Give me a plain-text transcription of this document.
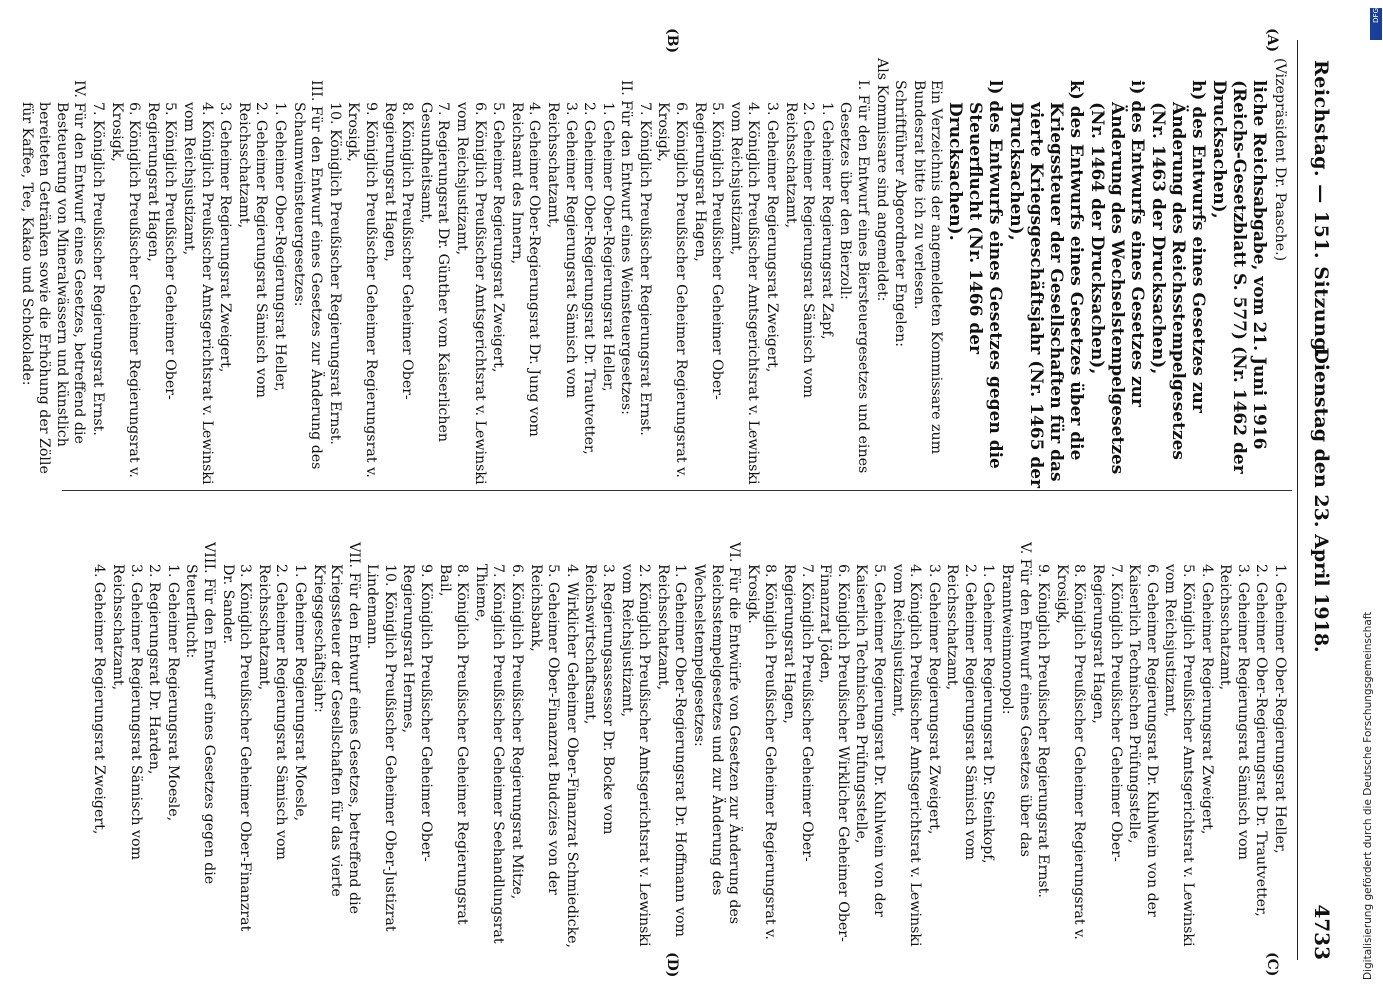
Reichstag. — 151. Sitzung.
Dienstag den 23. April 1918.
4733
(A)
(B)
(C)
(D)

(Vizepräsident Dr. Paasche.)

liche Reichsabgabe, vom 21. Juni 1916 (Reichs-Gesetzblatt S. 577) (Nr. 1462 der Drucksachen),

h) des Entwurfs eines Gesetzes zur Änderung des Reichsstempelgesetzes (Nr. 1463 der Drucksachen),

i) des Entwurfs eines Gesetzes zur Änderung des Wechselstempelgesetzes (Nr. 1464 der Drucksachen),

k) des Entwurfs eines Gesetzes über die Kriegssteuer der Gesellschaften für das vierte Kriegsgeschäftsjahr (Nr. 1465 der Drucksachen),

l) des Entwurfs eines Gesetzes gegen die Steuerflucht (Nr. 1466 der Drucksachen).

Ein Verzeichnis der angemeldeten Kommissare zum Bundesrat bitte ich zu verlesen.

Schriftführer Abgeordneter Engelen:

Als Kommissare sind angemeldet:

I. Für den Entwurf eines Biersteuergesetzes und eines Gesetzes über den Bierzoll:

1. Geheimer Regierungsrat Zapf,

2. Geheimer Regierungsrat Sämisch vom Reichsschatzamt,

3. Geheimer Regierungsrat Zweigert,

4. Königlich Preußischer Amtsgerichtsrat v. Lewinski vom Reichsjustizamt,

5. Königlich Preußischer Geheimer Ober-Regierungsrat Hagen,

6. Königlich Preußischer Geheimer Regierungsrat v. Krosigk,

7. Königlich Preußischer Regierungsrat Ernst.

II. Für den Entwurf eines Weinsteuergesetzes:

1. Geheimer Ober-Regierungsrat Heller,

2. Geheimer Ober-Regierungsrat Dr. Trautvetter,

3. Geheimer Regierungsrat Sämisch vom Reichsschatzamt,

4. Geheimer Ober-Regierungsrat Dr. Jung vom Reichsamt des Innern,

5. Geheimer Regierungsrat Zweigert,

6. Königlich Preußischer Amtsgerichtsrat v. Lewinski vom Reichsjustizamt,

7. Regierungsrat Dr. Günther vom Kaiserlichen Gesundheitsamt,

8. Königlich Preußischer Geheimer Ober-Regierungsrat Hagen,

9. Königlich Preußischer Geheimer Regierungsrat v. Krosigk,

10. Königlich Preußischer Regierungsrat Ernst.

III. Für den Entwurf eines Gesetzes zur Änderung des Schaumweinsteuergesetzes:

1. Geheimer Ober-Regierungsrat Heller,

2. Geheimer Regierungsrat Sämisch vom Reichsschatzamt,

3. Geheimer Regierungsrat Zweigert,

4. Königlich Preußischer Amtsgerichtsrat v. Lewinski vom Reichsjustizamt,

5. Königlich Preußischer Geheimer Ober-Regierungsrat Hagen,

6. Königlich Preußischer Geheimer Regierungsrat v. Krosigk,

7. Königlich Preußischer Regierungsrat Ernst.

IV. Für den Entwurf eines Gesetzes, betreffend die Besteuerung von Mineralwässern und künstlich bereiteten Getränken sowie die Erhöhung der Zölle für Kaffee, Tee, Kakao und Schokolade:

1. Geheimer Ober-Regierungsrat Heller,

2. Geheimer Ober-Regierungsrat Dr. Trautvetter,

3. Geheimer Regierungsrat Sämisch vom Reichsschatzamt,

4. Geheimer Regierungsrat Zweigert,

5. Königlich Preußischer Amtsgerichtsrat v. Lewinski vom Reichsjustizamt,

6. Geheimer Regierungsrat Dr. Kuhlwein von der Kaiserlich Technischen Prüfungsstelle,

7. Königlich Preußischer Geheimer Ober-Regierungsrat Hagen,

8. Königlich Preußischer Geheimer Regierungsrat v. Krosigk,

9. Königlich Preußischer Regierungsrat Ernst.

V. Für den Entwurf eines Gesetzes über das Branntweinmonopol:

1. Geheimer Regierungsrat Dr. Steinkopf,

2. Geheimer Regierungsrat Sämisch vom Reichsschatzamt,

3. Geheimer Regierungsrat Zweigert,

4. Königlich Preußischer Amtsgerichtsrat v. Lewinski vom Reichsjustizamt,

5. Geheimer Regierungsrat Dr. Kuhlwein von der Kaiserlich Technischen Prüfungsstelle,

6. Königlich Preußischer Wirklicher Geheimer Ober-Finanzrat Jöden,

7. Königlich Preußischer Geheimer Ober-Regierungsrat Hagen,

8. Königlich Preußischer Geheimer Regierungsrat v. Krosigk.

VI. Für die Entwürfe von Gesetzen zur Änderung des Reichsstempelgesetzes und zur Änderung des Wechselstempelgesetzes:

1. Geheimer Ober-Regierungsrat Dr. Hoffmann vom Reichsschatzamt,

2. Königlich Preußischer Amtsgerichtsrat v. Lewinski vom Reichsjustizamt,

3. Regierungsassessor Dr. Bocke vom Reichswirtschaftsamt,

4. Wirklicher Geheimer Ober-Finanzrat Schmiedicke,

5. Geheimer Ober-Finanzrat Budczies von der Reichsbank,

6. Königlich Preußischer Regierungsrat Mitze,

7. Königlich Preußischer Geheimer Seehandlungsrat Thieme,

8. Königlich Preußischer Geheimer Regierungsrat Bail,

9. Königlich Preußischer Geheimer Ober-Regierungsrat Hermes,

10. Königlich Preußischer Geheimer Ober-Justizrat Lindemann.

VII. Für den Entwurf eines Gesetzes, betreffend die Kriegssteuer der Gesellschaften für das vierte Kriegsgeschäftsjahr:

1. Geheimer Regierungsrat Moesle,

2. Geheimer Regierungsrat Sämisch vom Reichsschatzamt,

3. Königlich Preußischer Geheimer Ober-Finanzrat Dr. Sander.

VIII. Für den Entwurf eines Gesetzes gegen die Steuerflucht:

1. Geheimer Regierungsrat Moesle,

2. Regierungsrat Dr. Harden,

3. Geheimer Regierungsrat Sämisch vom Reichsschatzamt,

4. Geheimer Regierungsrat Zweigert,

DFG
Digitalisierung gefördert durch die Deutsche Forschungsgemeinschaft
